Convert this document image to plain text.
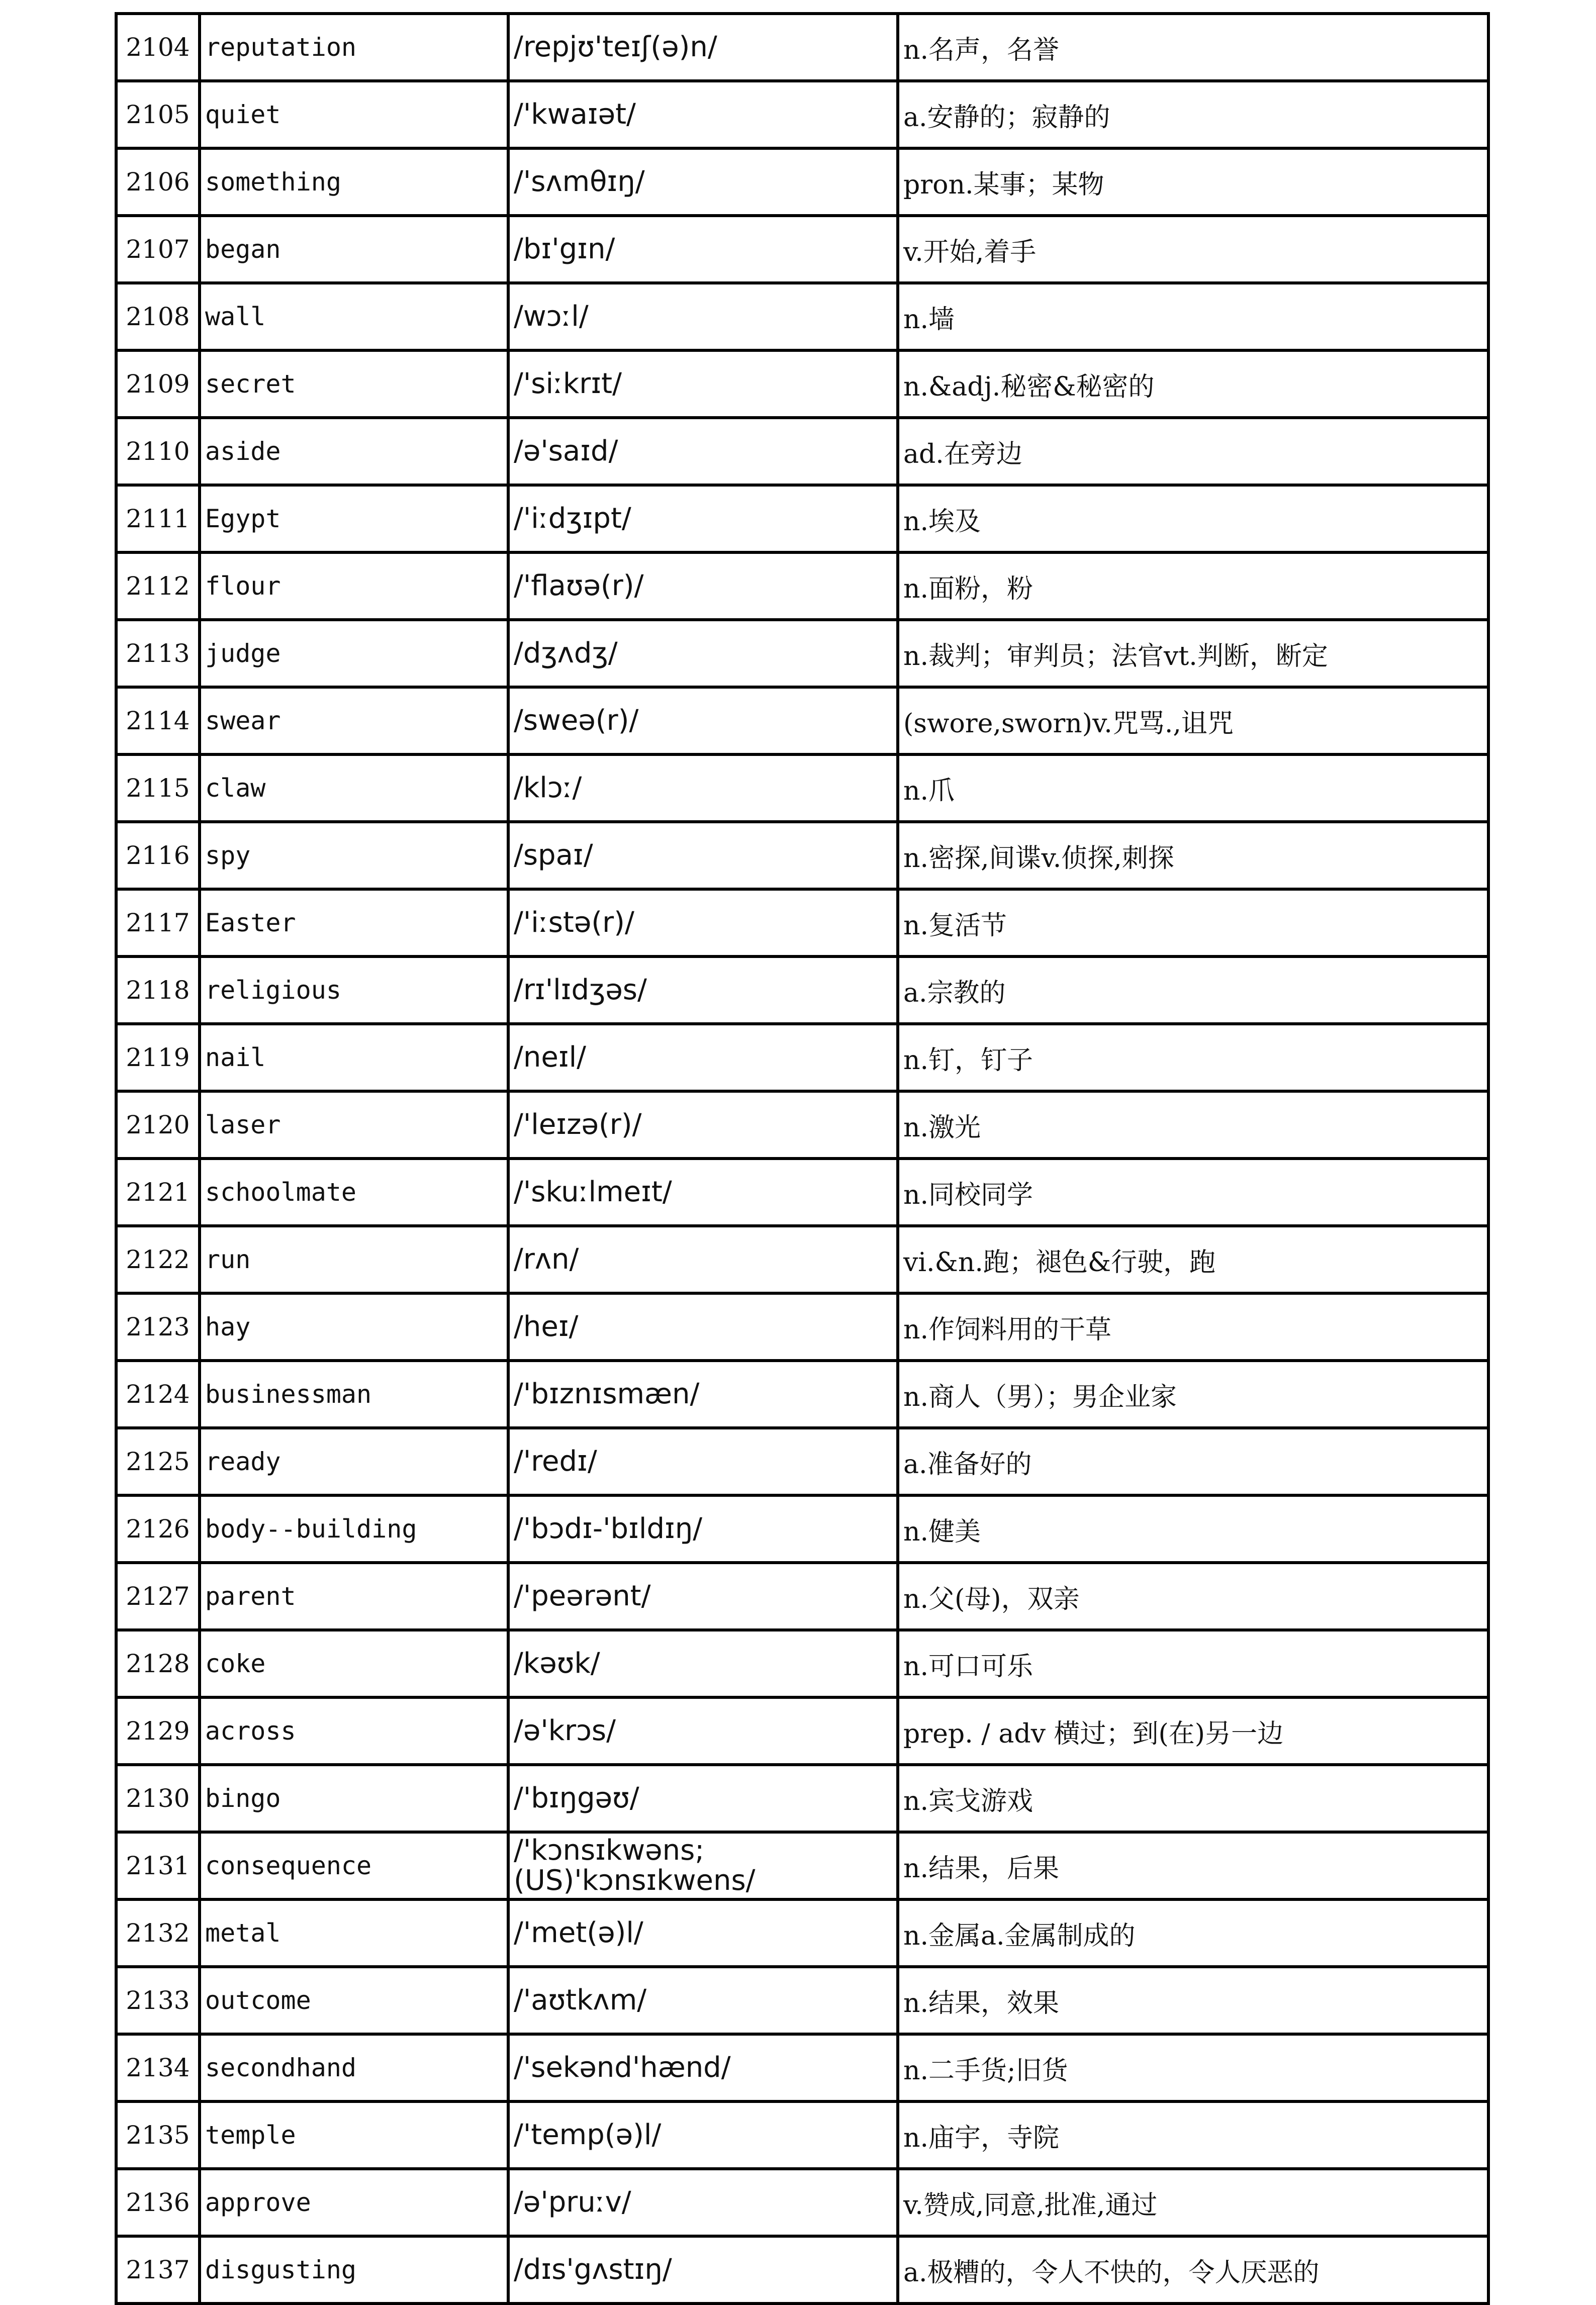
2104	reputation	/repjʊ'teɪʃ(ə)n/	n.名声，名誉
2105	quiet	/'kwaɪət/	a.安静的；寂静的
2106	something	/'sʌmθɪŋ/	pron.某事；某物
2107	began	/bɪ'gɪn/	v.开始,着手
2108	wall	/wɔːl/	n.墙
2109	secret	/'siːkrɪt/	n.&adj.秘密&秘密的
2110	aside	/ə'saɪd/	ad.在旁边
2111	Egypt	/'iːdʒɪpt/	n.埃及
2112	flour	/'flaʊə(r)/	n.面粉，粉
2113	judge	/dʒʌdʒ/	n.裁判；审判员；法官vt.判断，断定
2114	swear	/sweə(r)/	(swore,sworn)v.咒骂.,诅咒
2115	claw	/klɔː/	n.爪
2116	spy	/spaɪ/	n.密探,间谍v.侦探,刺探
2117	Easter	/'iːstə(r)/	n.复活节
2118	religious	/rɪ'lɪdʒəs/	a.宗教的
2119	nail	/neɪl/	n.钉，钉子
2120	laser	/'leɪzə(r)/	n.激光
2121	schoolmate	/'skuːlmeɪt/	n.同校同学
2122	run	/rʌn/	vi.&n.跑；褪色&行驶，跑
2123	hay	/heɪ/	n.作饲料用的干草
2124	businessman	/'bɪznɪsmæn/	n.商人（男）；男企业家
2125	ready	/'redɪ/	a.准备好的
2126	body--building	/'bɔdɪ-'bɪldɪŋ/	n.健美
2127	parent	/'peərənt/	n.父(母)，双亲
2128	coke	/kəʊk/	n.可口可乐
2129	across	/ə'krɔs/	prep. / adv 横过；到(在)另一边
2130	bingo	/'bɪŋgəʊ/	n.宾戈游戏
2131	consequence	/'kɔnsɪkwəns;(US)'kɔnsɪkwens/	n.结果，后果
2132	metal	/'met(ə)l/	n.金属a.金属制成的
2133	outcome	/'aʊtkʌm/	n.结果，效果
2134	secondhand	/'sekənd'hænd/	n.二手货;旧货
2135	temple	/'temp(ə)l/	n.庙宇，寺院
2136	approve	/ə'pruːv/	v.赞成,同意,批准,通过
2137	disgusting	/dɪs'gʌstɪŋ/	a.极糟的，令人不快的，令人厌恶的
